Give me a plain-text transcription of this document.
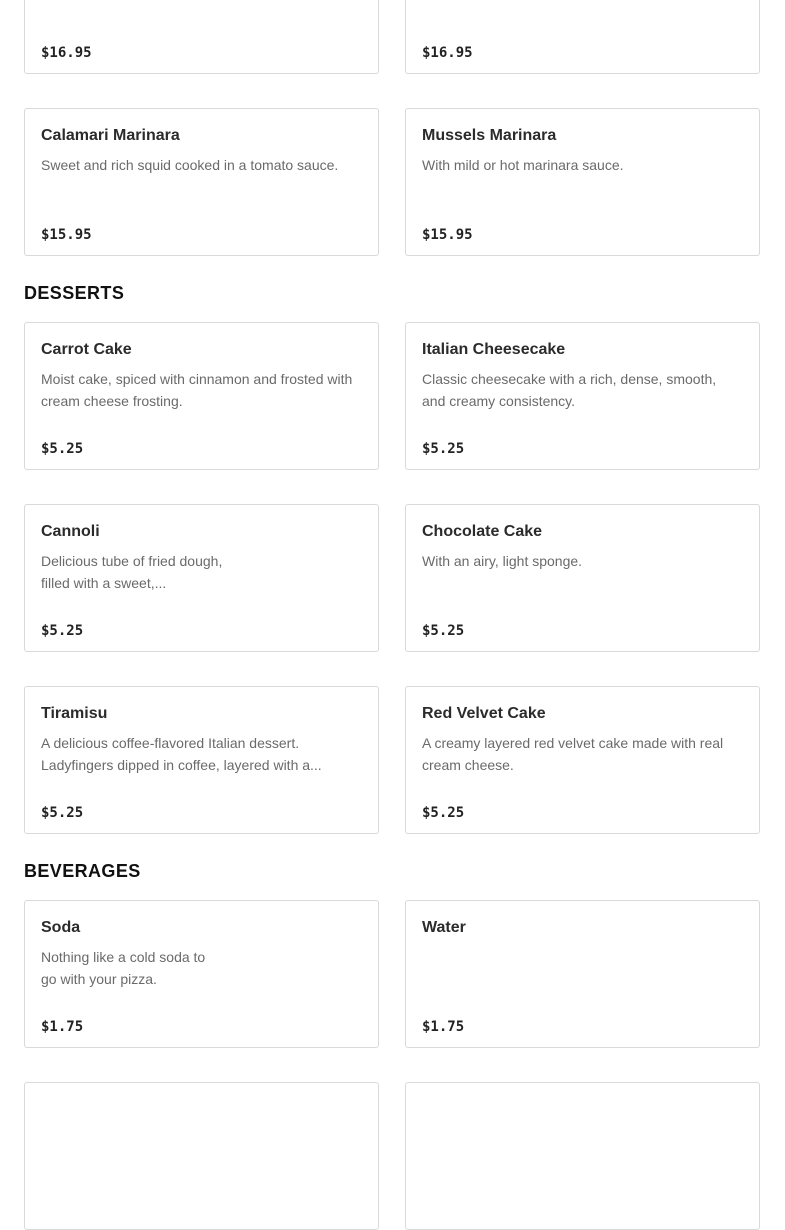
$16.95	$16.95
Calamari Marinara
Sweet and rich squid cooked in a tomato sauce.
$15.95
Mussels Marinara
With mild or hot marinara sauce.
$15.95
DESSERTS
Carrot Cake
Moist cake, spiced with cinnamon and frosted with cream cheese frosting.
$5.25
Italian Cheesecake
Classic cheesecake with a rich, dense, smooth, and creamy consistency.
$5.25
Cannoli
Delicious tube of fried dough, filled with a sweet,...
$5.25
Chocolate Cake
With an airy, light sponge.
$5.25
Tiramisu
A delicious coffee-flavored Italian dessert. Ladyfingers dipped in coffee, layered with a...
$5.25
Red Velvet Cake
A creamy layered red velvet cake made with real cream cheese.
$5.25
BEVERAGES
Soda
Nothing like a cold soda to go with your pizza.
$1.75
Water
$1.75
